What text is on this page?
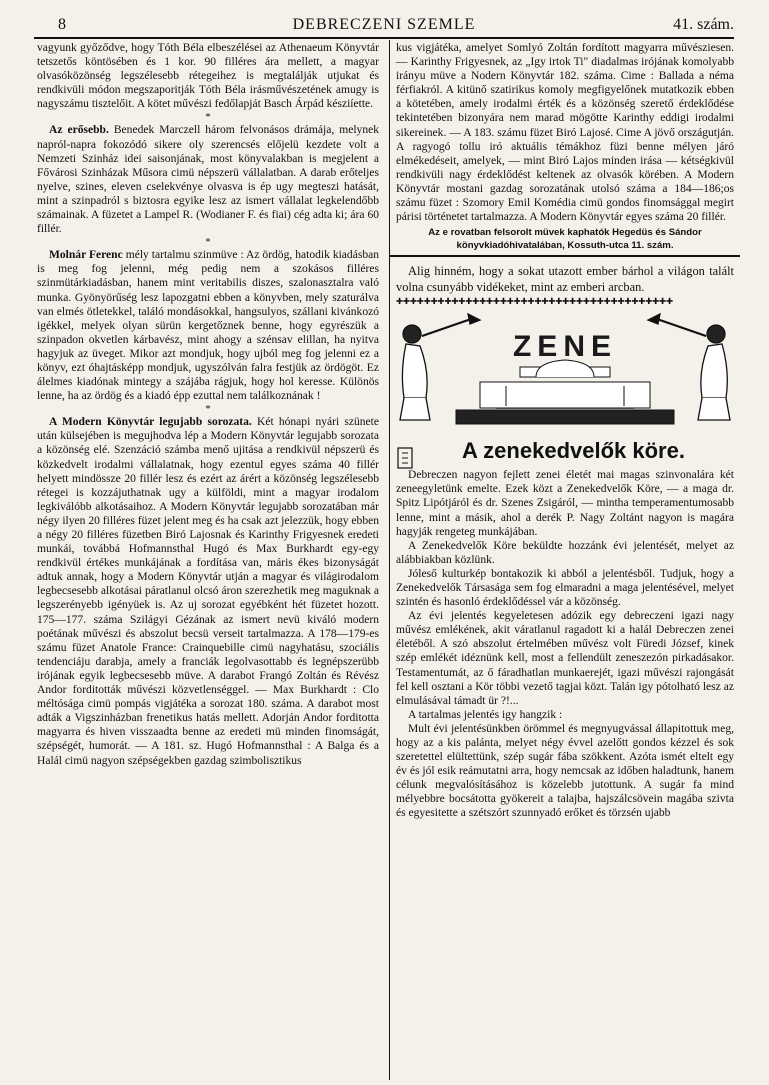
8	DEBRECZENI SZEMLE	41. szám.

vagyunk győződve, hogy Tóth Béla elbeszélései az Athenaeum Könyvtár tetszetős köntösében és 1 kor. 90 filléres ára mellett, a magyar olvasóközönség legszélesebb rétegeihez is megtalálják utjukat és rendkivüli módon megszaporitják Tóth Béla irásművészetének amugy is nagyszámu tisztelőit. A kötet művészi fedőlapját Basch Árpád késziíette.

*

Az erősebb. Benedek Marczell három felvonásos drámája, melynek napról-napra fokozódó sikere oly szerencsés előjelü kezdete volt a Nemzeti Szinház idei saisonjának, most könyvalakban is megjelent a Fővárosi Szinházak Műsora cimü népszerü vállalatban. A darab erőteljes nyelve, szines, eleven cselekvénye olvasva is ép ugy megteszi hatását, mint a szinpadról s biztosra egyike lesz az ismert vállalat legkelendőbb számainak. A füzetet a Lampel R. (Wodianer F. és fiai) cég adta ki; ára 60 fillér.

*

Molnár Ferenc mély tartalmu szinmüve : Az ördög, hatodik kiadásban is meg fog jelenni, még pedig nem a szokásos filléres szinmütárkiadásban, hanem mint veritabilis diszes, szalonasztalra való munka. Gyönyörűség lesz lapozgatni ebben a könyvben, mely szaturálva van elmés ötletekkel, találó mondásokkal, hangsulyos, szállani kivánkozó igékkel, melyek olyan sürün kergetőznek benne, hogy egyrészük a szinpadon okvetlen kárbavész, mint ahogy a szénsav elillan, ha nyitva hagyjuk az üveget. Mikor azt mondjuk, hogy ujból meg fog jelenni ez a könyv, ezt óhajtásképp mondjuk, ugyszólván falra festjük az ördögöt. Ez álelmes kiadónak mintegy a szájába rágjuk, hogy hol keresse. Különös lenne, ha az ördög és a kiadó épp ezuttal nem találkoznának !

*

A Modern Könyvtár legujabb sorozata. Két hónapi nyári szünete után külsejében is megujhodva lép a Modern Könyvtár legujabb sorozata a közönség elé. Szenzáció számba menő ujitása a rendkivül népszerü és közkedvelt irodalmi vállalatnak, hogy ezentul egyes száma 40 fillér helyett mindössze 20 fillér lesz és ezért az árért a közönség legszélesebb rétegei is kozzájuthatnak ugy a külföldi, mint a magyar irodalom legkiválóbb alkotásaihoz. A Modern Könyvtár legujabb sorozatában már négy ilyen 20 filléres füzet jelent meg és ha csak azt jelezzük, hogy ebben a négy 20 filléres füzetben Biró Lajosnak és Karinthy Frigyesnek eredeti munkái, továbbá Hofmannsthal Hugó és Max Burkhardt egy-egy rendkivül értékes munkájának a fordítása van, máris ékes bizonyságát adtuk annak, hogy a Modern Könyvtár utján a magyar és világirodalom legbecsesebb alkotásai páratlanul olcsó áron szerezhetik meg maguknak a legszerényebb igényüek is. Az uj sorozat egyébként hét füzetet hozott. 175—177. száma Szilágyi Gézának az ismert nevü kiváló modern poétának művészi és abszolut becsü verseit tartalmazza. A 178—179-es számu füzet Anatole France: Crainquebille cimü nagyhatásu, szociális tendenciáju darabja, amely a franciák legolvasottabb és legnépszerübb irójának egyik legbecsesebb müve. A darabot Frangó Zoltán és Révész Andor forditották művészi közvetlenséggel. — Max Burkhardt : Clo méltósága cimü pompás vigjátéka a sorozat 180. száma. A darabot most adták a Vigszinházban frenetikus hatás mellett. Adorján Andor forditotta magyarra és hiven visszaadta benne az eredeti mü minden finomságát, szépségét, humorát. — A 181. sz. Hugó Hofmannsthal : A Balga és a Halál cimü nagyon szépségekben gazdag szimbolisztikus

kus vigjátéka, amelyet Somlyó Zoltán fordított magyarra művésziesen. — Karinthy Frigyesnek, az „Igy irtok Ti" diadalmas irójának komolyabb irányu müve a Nodern Könyvtár 182. száma. Cime : Ballada a néma férfiakról. A kitünő szatirikus komoly megfigyelőnek mutatkozik ebben a kötetében, amely irodalmi érték és a közönség szerető érdeklődése tekintetében bizonyára nem marad mögötte Karinthy eddigi irodalmi sikereinek. — A 183. számu füzet Biró Lajosé. Cime A jövő országutján. A ragyogó tollu iró aktuális témákhoz füzi benne mélyen járó elmékedéseit, amelyek, — mint Biró Lajos minden irása — kétségkivül rendkivüli nagy érdeklődést keltenek az olvasók körében. A Modern Könyvtár mostani gazdag sorozatának utolsó száma a 184—186;os számu füzet : Szomory Emil Komédia cimü gondos finomsággal megirt párisi történetet tartalmazza. A Modern Könyvtár egyes száma 20 fillér.

Az e rovatban felsorolt müvek kaphatók Hegedüs és Sándor könyvkiadóhivatalában, Kossuth-utca 11. szám.

Alig hinném, hogy a sokat utazott ember bárhol a világon talált volna csunyább vidékeket, mint az emberi arcban.

✚✚✚✚✚✚✚✚✚✚✚✚✚✚✚✚✚✚✚✚✚✚✚✚✚✚✚✚✚✚✚✚✚✚✚✚✚✚✚✚
ZENE
A zenekedvelők köre.

Debreczen nagyon fejlett zenei életét mai magas szinvonalára két zeneegyletünk emelte. Ezek közt a Zenekedvelők Köre, — a maga dr. Spitz Lipótjáról és dr. Szenes Zsigáról, — mintha temperamentumosabb lenne, mint a másik, ahol a derék P. Nagy Zoltánt nagyon is magára hagyják rengeteg munkájában.

A Zenekedvelők Köre beküldte hozzánk évi jelentését, melyet az alábbiakban közlünk.

Jóleső kulturkép bontakozik ki abból a jelentésből. Tudjuk, hogy a Zenekedvelők Társasága sem fog elmaradni a maga jelentésével, melyet szintén és hasonló érdeklődéssel vár a közönség.

Az évi jelentés kegyeletesen adózik egy debreczeni igazi nagy művész emlékének, akit váratlanul ragadott ki a halál Debreczen zenei életéből. A szó abszolut értelmében művész volt Füredi József, kinek szép emlékét idéznünk kell, most a fellendült zeneszezón pirkadásakor. Testamentumát, az ő fáradhatlan munkaerejét, igazi művészi rajongását fel kell osztani a Kör többi vezető tagjai közt. Talán igy pótolható lesz az elmulásával támadt ür ?!...

A tartalmas jelentés igy hangzik :

Mult évi jelentésünkben örömmel és megnyugvással állapitottuk meg, hogy az a kis palánta, melyet négy évvel azelőtt gondos kézzel és sok szeretettel elültettünk, szép sugár fába szökkent. Azóta ismét eltelt egy év és jól esik reámutatni arra, hogy nemcsak az időben haladtunk, hanem célunk megvalósításához is közelebb jutottunk. A sugár fa mind mélyebbre bocsátotta gyökereit a talajba, hajszálcsövein magába szivta és egyesitette a szétszórt szunnyadó erőket és törzsén ujabb
